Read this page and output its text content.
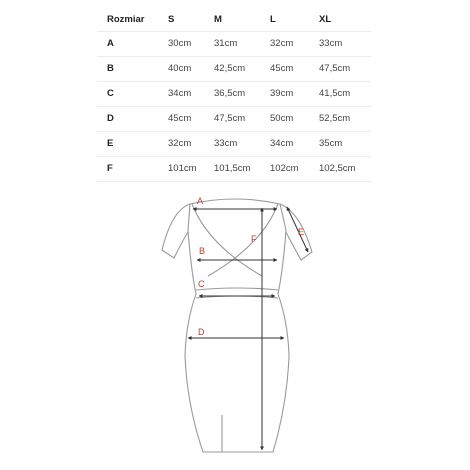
Rozmiar S	M	L	XL
A	30cm 31cm	32cm	33cm
B	40cm 42,5cm	45cm	47,5cm
C	34cm 36,5cm	39cm	41,5cm
D	45cm 47,5cm	50cm	52,5cm
E	32cm 33cm	34cm	35cm
F	101cm 101,5cm 102cm 102,5cm
A
B
C
D
E
F
